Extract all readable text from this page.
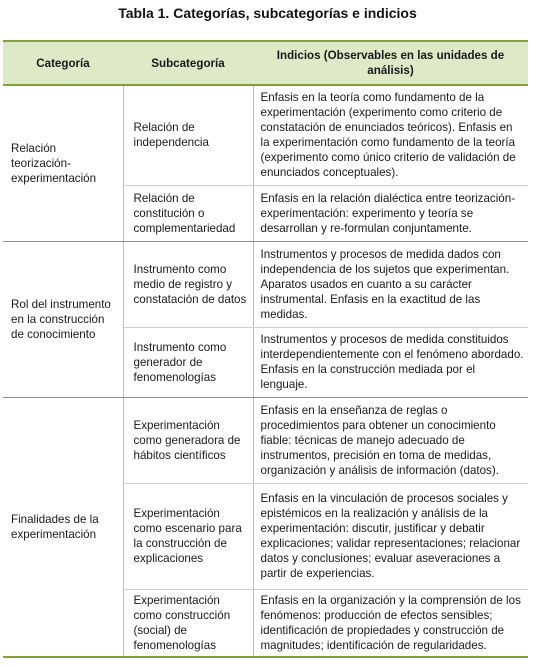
Tabla 1. Categorías, subcategorías e indicios
Categoría	Subcategoría	Indicios (Observables en las unidades de análisis)
Relación teorización-experimentación	Relación de independencia	Enfasis en la teoría como fundamento de la experimentación (experimento como criterio de constatación de enunciados teóricos). Enfasis en la experimentación como fundamento de la teoría (experimento como único criterio de validación de enunciados conceptuales).
	Relación de constitución o complementariedad	Enfasis en la relación dialéctica entre teorización-experimentación: experimento y teoría se desarrollan y re-formulan conjuntamente.
Rol del instrumento en la construcción de conocimiento	Instrumento como medio de registro y constatación de datos	Instrumentos y procesos de medida dados con independencia de los sujetos que experimentan. Aparatos usados en cuanto a su carácter instrumental. Enfasis en la exactitud de las medidas.
	Instrumento como generador de fenomenologías	Instrumentos y procesos de medida constituidos interdependientemente con el fenómeno abordado. Enfasis en la construcción mediada por el lenguaje.
Finalidades de la experimentación	Experimentación como generadora de hábitos científicos	Enfasis en la enseñanza de reglas o procedimientos para obtener un conocimiento fiable: técnicas de manejo adecuado de instrumentos, precisión en toma de medidas, organización y análisis de información (datos).
	Experimentación como escenario para la construcción de explicaciones	Enfasis en la vinculación de procesos sociales y epistémicos en la realización y análisis de la experimentación: discutir, justificar y debatir explicaciones; validar representaciones; relacionar datos y conclusiones; evaluar aseveraciones a partir de experiencias.
	Experimentación como construcción (social) de fenomenologías	Enfasis en la organización y la comprensión de los fenómenos: producción de efectos sensibles; identificación de propiedades y construcción de magnitudes; identificación de regularidades.
